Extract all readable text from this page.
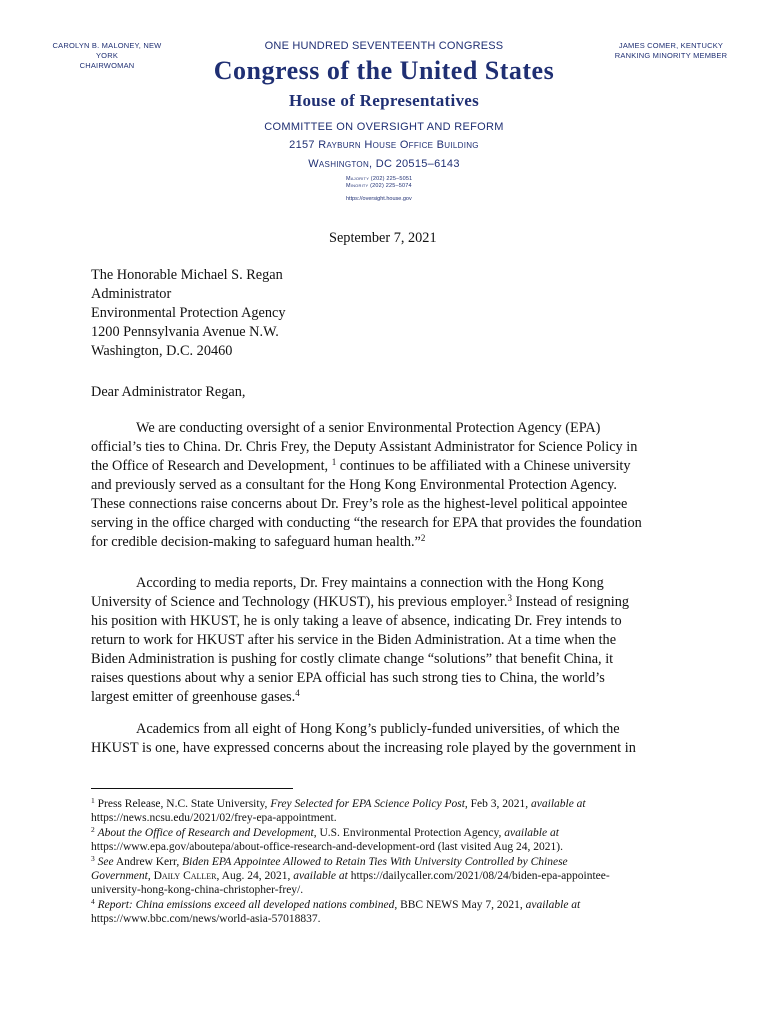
CAROLYN B. MALONEY, NEW YORK
CHAIRWOMAN
ONE HUNDRED SEVENTEENTH CONGRESS
Congress of the United States
House of Representatives
COMMITTEE ON OVERSIGHT AND REFORM
2157 Rayburn House Office Building
Washington, DC 20515–6143
Majority (202) 225–5051
Minority (202) 225–5074
https://oversight.house.gov
JAMES COMER, KENTUCKY
RANKING MINORITY MEMBER
September 7, 2021
The Honorable Michael S. Regan
Administrator
Environmental Protection Agency
1200 Pennsylvania Avenue N.W.
Washington, D.C. 20460
Dear Administrator Regan,
We are conducting oversight of a senior Environmental Protection Agency (EPA)
official’s ties to China. Dr. Chris Frey, the Deputy Assistant Administrator for Science Policy in
the Office of Research and Development, $^1$ continues to be affiliated with a Chinese university
and previously served as a consultant for the Hong Kong Environmental Protection Agency.
These connections raise concerns about Dr. Frey’s role as the highest-level political appointee
serving in the office charged with conducting “the research for EPA that provides the foundation
for credible decision-making to safeguard human health.”$^2$
According to media reports, Dr. Frey maintains a connection with the Hong Kong
University of Science and Technology (HKUST), his previous employer.$^3$ Instead of resigning
his position with HKUST, he is only taking a leave of absence, indicating Dr. Frey intends to
return to work for HKUST after his service in the Biden Administration. At a time when the
Biden Administration is pushing for costly climate change “solutions” that benefit China, it
raises questions about why a senior EPA official has such strong ties to China, the world’s
largest emitter of greenhouse gases.$^4$
Academics from all eight of Hong Kong’s publicly-funded universities, of which the
HKUST is one, have expressed concerns about the increasing role played by the government in
$^1$ Press Release, N.C. State University, Frey Selected for EPA Science Policy Post, Feb 3, 2021, available at
https://news.ncsu.edu/2021/02/frey-epa-appointment.
$^2$ About the Office of Research and Development, U.S. Environmental Protection Agency, available at
https://www.epa.gov/aboutepa/about-office-research-and-development-ord (last visited Aug 24, 2021).
$^3$ See Andrew Kerr, Biden EPA Appointee Allowed to Retain Ties With University Controlled by Chinese
Government, Daily Caller, Aug. 24, 2021, available at https://dailycaller.com/2021/08/24/biden-epa-appointee-
university-hong-kong-china-christopher-frey/.
$^4$ Report: China emissions exceed all developed nations combined, BBC NEWS May 7, 2021, available at
https://www.bbc.com/news/world-asia-57018837.
